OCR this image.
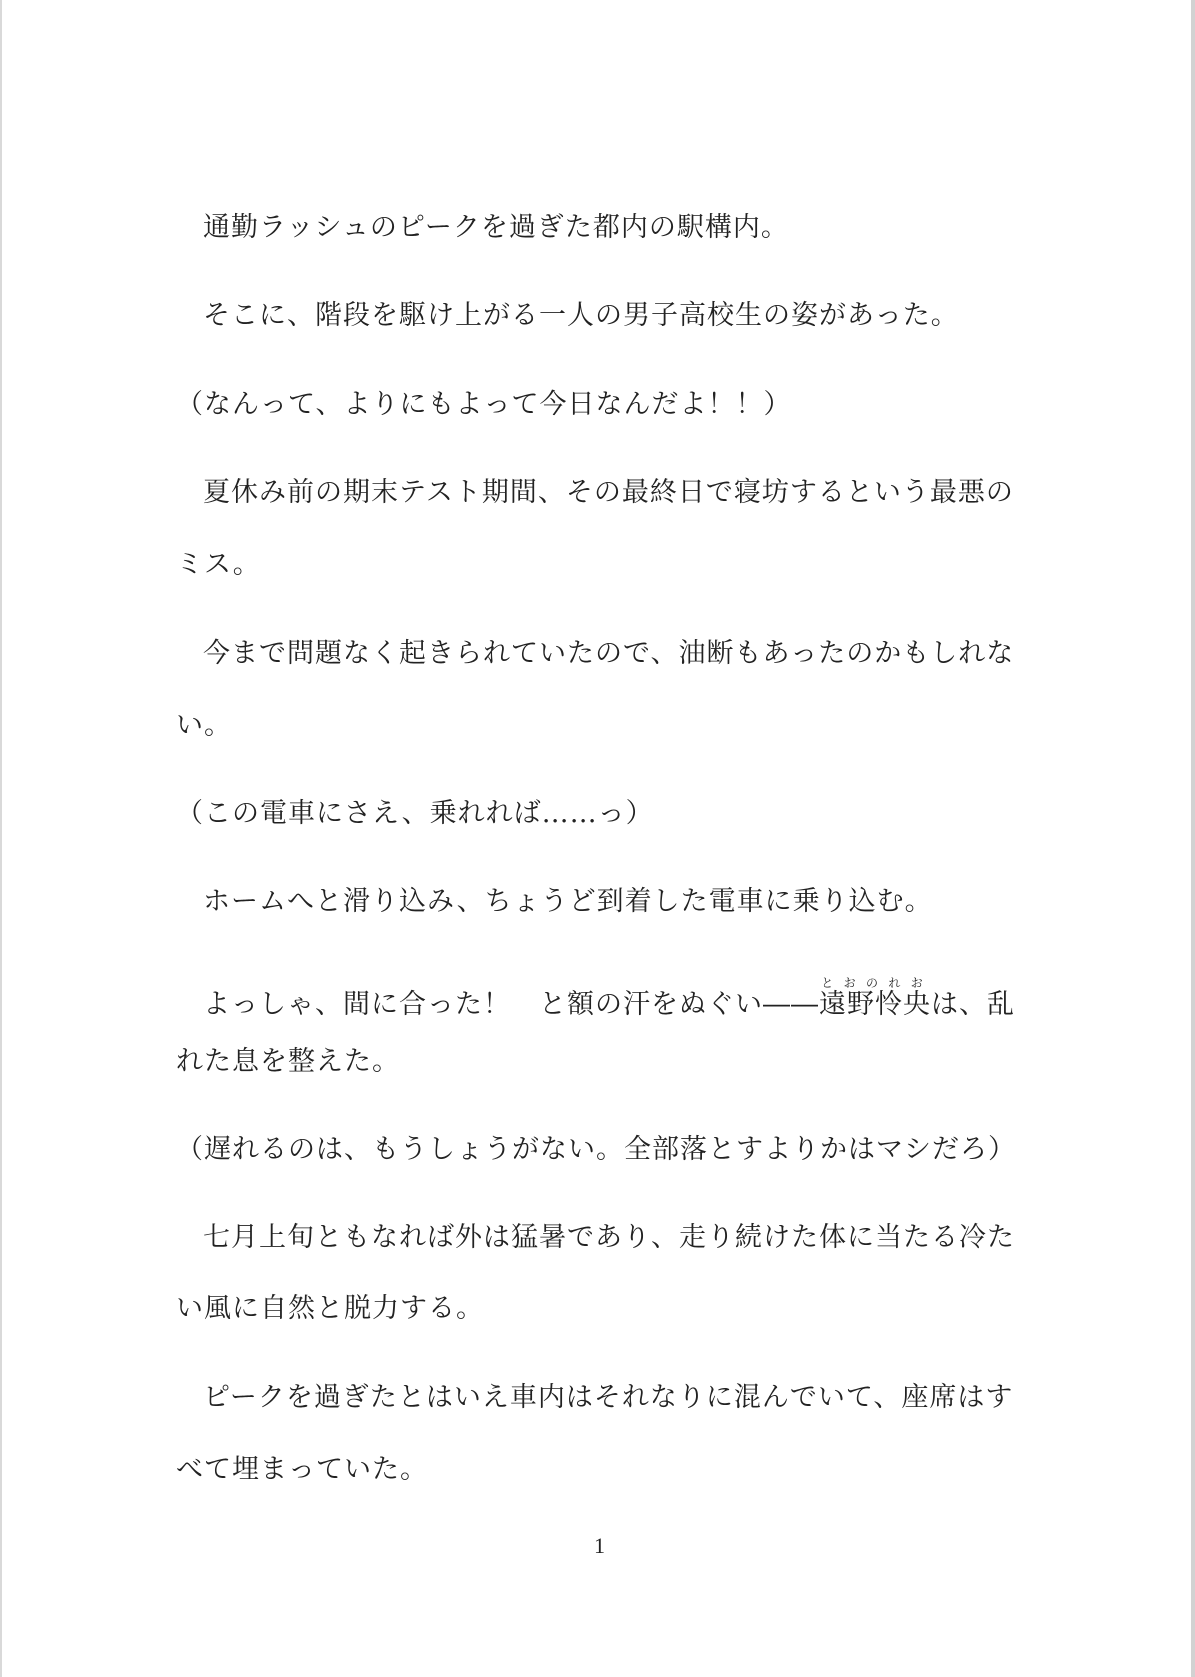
通勤ラッシュのピークを過ぎた都内の駅構内。
そこに、階段を駆け上がる一人の男子高校生の姿があった。
（なんって、よりにもよって今日なんだよ！！）
夏休み前の期末テスト期間、その最終日で寝坊するという最悪の
ミス。
今まで問題なく起きられていたので、油断もあったのかもしれな
い。
（この電車にさえ、乗れれば……っ）
ホームへと滑り込み、ちょうど到着した電車に乗り込む。
よっしゃ、間に合った！　と額の汗をぬぐい――遠野怜央とおのれおは、乱
れた息を整えた。
（遅れるのは、もうしょうがない。全部落とすよりかはマシだろ）
七月上旬ともなれば外は猛暑であり、走り続けた体に当たる冷た
い風に自然と脱力する。
ピークを過ぎたとはいえ車内はそれなりに混んでいて、座席はす
べて埋まっていた。
1
